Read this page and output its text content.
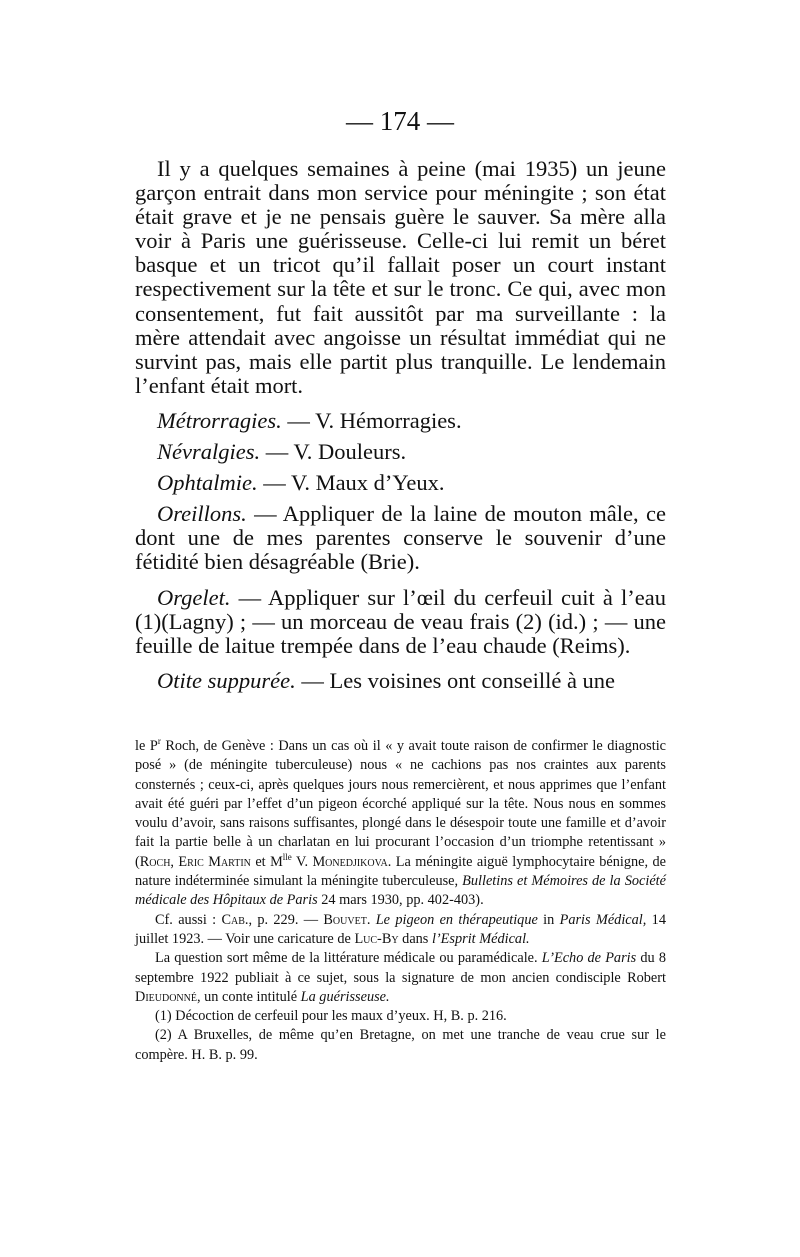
— 174 —

Il y a quelques semaines à peine (mai 1935) un jeune garçon entrait dans mon service pour méningite ; son état était grave et je ne pensais guère le sauver. Sa mère alla voir à Paris une guérisseuse. Celle-ci lui remit un béret basque et un tricot qu’il fallait poser un court instant respectivement sur la tête et sur le tronc. Ce qui, avec mon consentement, fut fait aussitôt par ma surveillante : la mère attendait avec angoisse un résultat immédiat qui ne survint pas, mais elle partit plus tranquille. Le lendemain l’enfant était mort.

Métrorragies. — V. Hémorragies.

Névralgies. — V. Douleurs.

Ophtalmie. — V. Maux d’Yeux.

Oreillons. — Appliquer de la laine de mouton mâle, ce dont une de mes parentes conserve le souvenir d’une fétidité bien désagréable (Brie).

Orgelet. — Appliquer sur l’œil du cerfeuil cuit à l’eau (1)(Lagny) ; — un morceau de veau frais (2) (id.) ; — une feuille de laitue trempée dans de l’eau chaude (Reims).

Otite suppurée. — Les voisines ont conseillé à une

le $P^r$ Roch, de Genève : Dans un cas où il « y avait toute raison de confirmer le diagnostic posé » (de méningite tuberculeuse) nous « ne cachions pas nos craintes aux parents consternés ; ceux-ci, après quelques jours nous remercièrent, et nous apprimes que l’enfant avait été guéri par l’effet d’un pigeon écorché appliqué sur la tête. Nous nous en sommes voulu d’avoir, sans raisons suffisantes, plongé dans le désespoir toute une famille et d’avoir fait la partie belle à un charlatan en lui procurant l’occasion d’un triomphe retentissant » (Roch, Eric Martin et $M^{lle}$ V. Monedjikova. La méningite aiguë lymphocytaire bénigne, de nature indéterminée simulant la méningite tuberculeuse, Bulletins et Mémoires de la Société médicale des Hôpitaux de Paris 24 mars 1930, pp. 402-403).

Cf. aussi : Cab., p. 229. — Bouvet. Le pigeon en thérapeutique in Paris Médical, 14 juillet 1923. — Voir une caricature de Luc-By dans l’Esprit Médical.

La question sort même de la littérature médicale ou paramédicale. L’Echo de Paris du 8 septembre 1922 publiait à ce sujet, sous la signature de mon ancien condisciple Robert Dieudonné, un conte intitulé La guérisseuse.

(1) Décoction de cerfeuil pour les maux d’yeux. H, B. p. 216.

(2) A Bruxelles, de même qu’en Bretagne, on met une tranche de veau crue sur le compère. H. B. p. 99.
